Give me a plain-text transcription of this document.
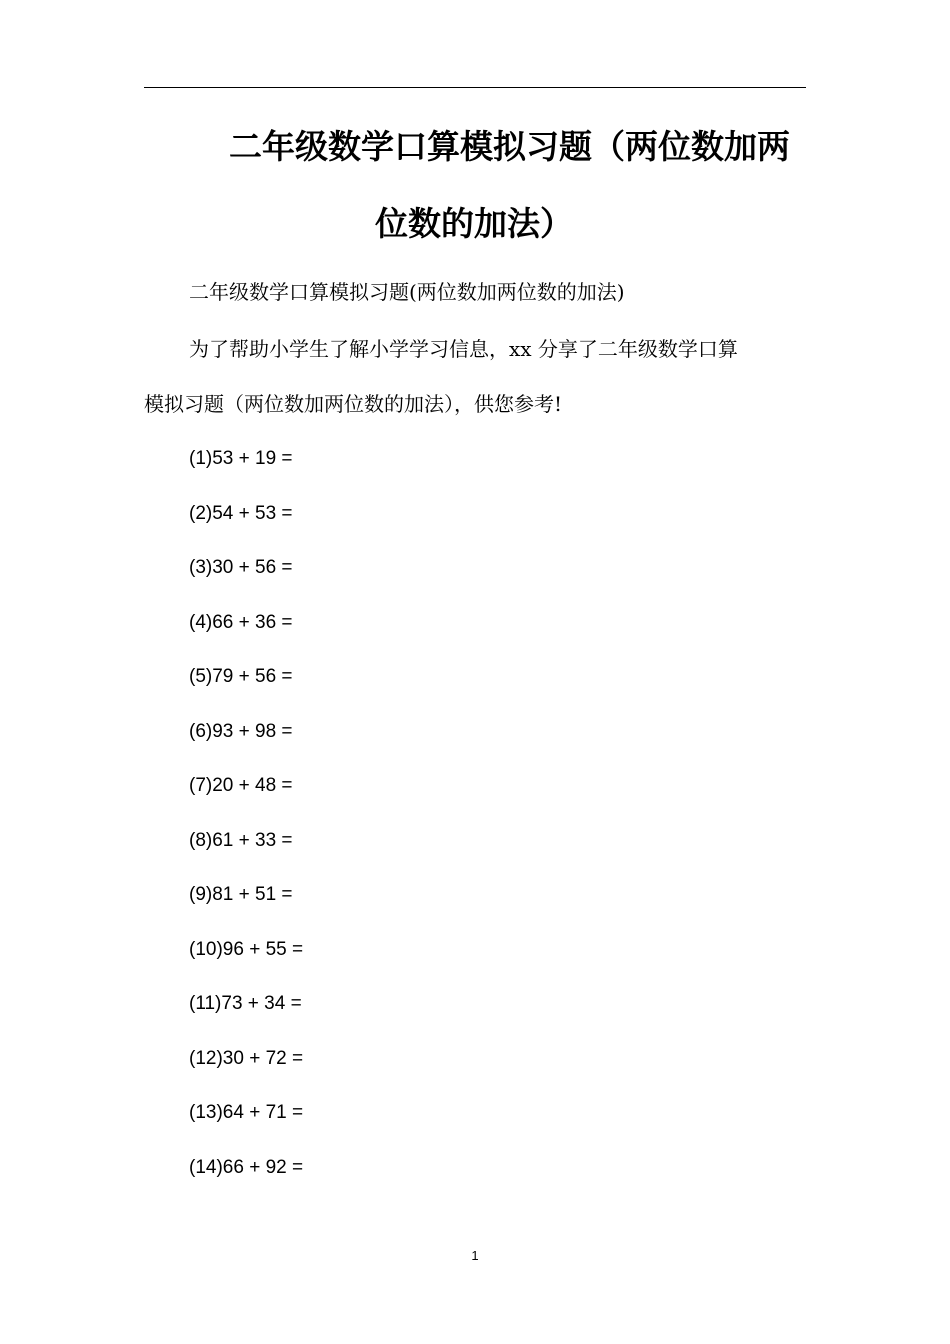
二年级数学口算模拟习题（两位数加两
位数的加法）
二年级数学口算模拟习题(两位数加两位数的加法)
为了帮助小学生了解小学学习信息，xx 分享了二年级数学口算
模拟习题（两位数加两位数的加法），供您参考!
(1)53 + 19 =
(2)54 + 53 =
(3)30 + 56 =
(4)66 + 36 =
(5)79 + 56 =
(6)93 + 98 =
(7)20 + 48 =
(8)61 + 33 =
(9)81 + 51 =
(10)96 + 55 =
(11)73 + 34 =
(12)30 + 72 =
(13)64 + 71 =
(14)66 + 92 =
1
